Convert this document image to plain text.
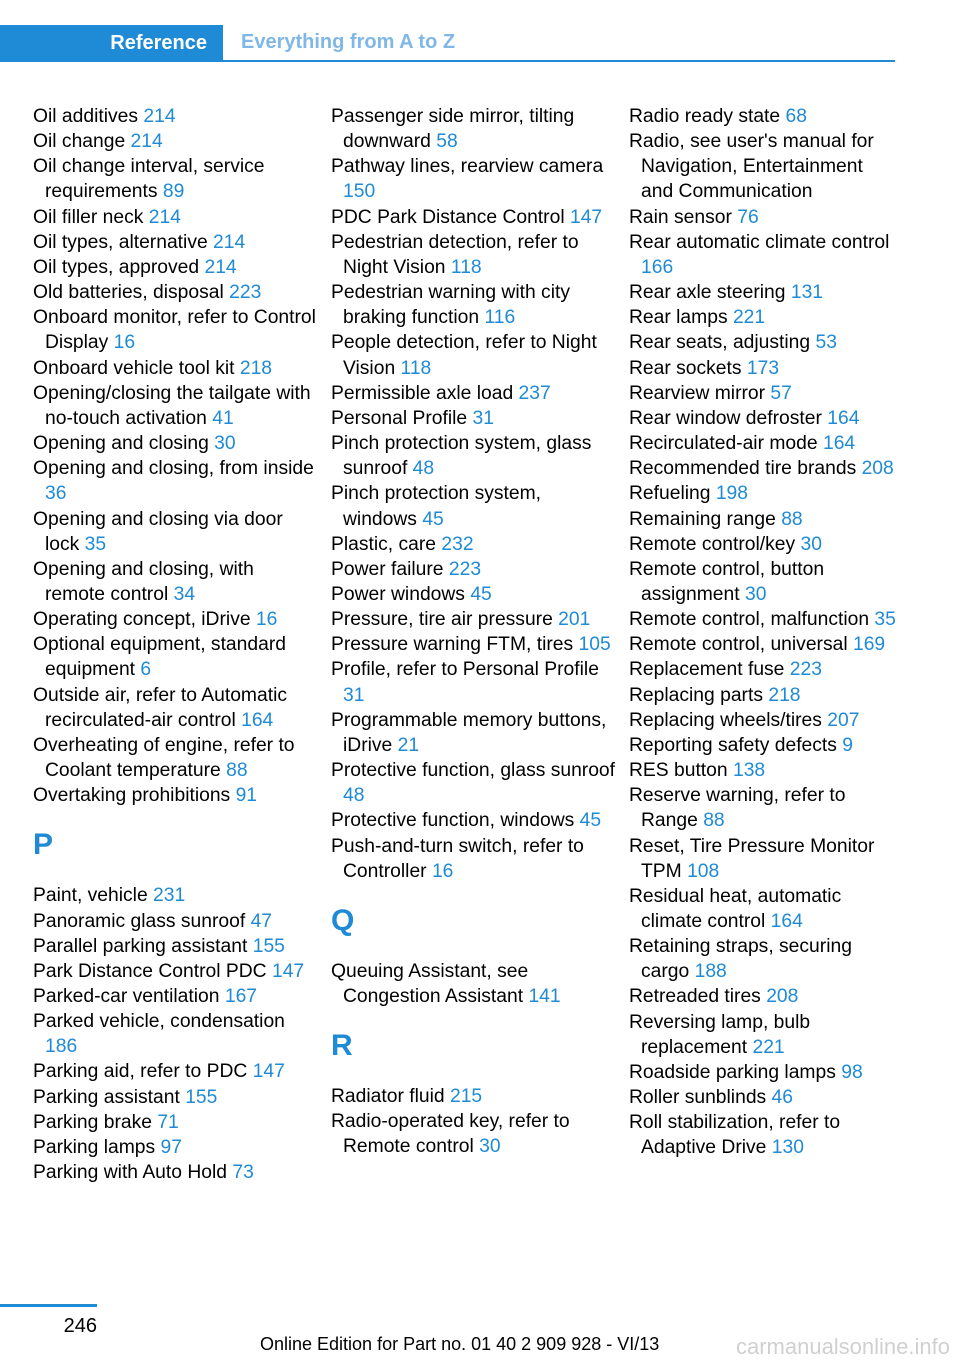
Reference	Everything from A to Z
Oil additives 214
Oil change 214
Oil change interval, service requirements 89
Oil filler neck 214
Oil types, alternative 214
Oil types, approved 214
Old batteries, disposal 223
Onboard monitor, refer to Control Display 16
Onboard vehicle tool kit 218
Opening/closing the tailgate with no-touch activation 41
Opening and closing 30
Opening and closing, from inside 36
Opening and closing via door lock 35
Opening and closing, with remote control 34
Operating concept, iDrive 16
Optional equipment, standard equipment 6
Outside air, refer to Automatic recirculated-air control 164
Overheating of engine, refer to Coolant temperature 88
Overtaking prohibitions 91
P
Paint, vehicle 231
Panoramic glass sunroof 47
Parallel parking assistant 155
Park Distance Control PDC 147
Parked-car ventilation 167
Parked vehicle, condensation 186
Parking aid, refer to PDC 147
Parking assistant 155
Parking brake 71
Parking lamps 97
Parking with Auto Hold 73
Passenger side mirror, tilting downward 58
Pathway lines, rearview camera 150
PDC Park Distance Control 147
Pedestrian detection, refer to Night Vision 118
Pedestrian warning with city braking function 116
People detection, refer to Night Vision 118
Permissible axle load 237
Personal Profile 31
Pinch protection system, glass sunroof 48
Pinch protection system, windows 45
Plastic, care 232
Power failure 223
Power windows 45
Pressure, tire air pressure 201
Pressure warning FTM, tires 105
Profile, refer to Personal Profile 31
Programmable memory buttons, iDrive 21
Protective function, glass sunroof 48
Protective function, windows 45
Push-and-turn switch, refer to Controller 16
Q
Queuing Assistant, see Congestion Assistant 141
R
Radiator fluid 215
Radio-operated key, refer to Remote control 30
Radio ready state 68
Radio, see user's manual for Navigation, Entertainment and Communication
Rain sensor 76
Rear automatic climate control 166
Rear axle steering 131
Rear lamps 221
Rear seats, adjusting 53
Rear sockets 173
Rearview mirror 57
Rear window defroster 164
Recirculated-air mode 164
Recommended tire brands 208
Refueling 198
Remaining range 88
Remote control/key 30
Remote control, button assignment 30
Remote control, malfunction 35
Remote control, universal 169
Replacement fuse 223
Replacing parts 218
Replacing wheels/tires 207
Reporting safety defects 9
RES button 138
Reserve warning, refer to Range 88
Reset, Tire Pressure Monitor TPM 108
Residual heat, automatic climate control 164
Retaining straps, securing cargo 188
Retreaded tires 208
Reversing lamp, bulb replacement 221
Roadside parking lamps 98
Roller sunblinds 46
Roll stabilization, refer to Adaptive Drive 130
246
Online Edition for Part no. 01 40 2 909 928 - VI/13	carmanualsonline.info
